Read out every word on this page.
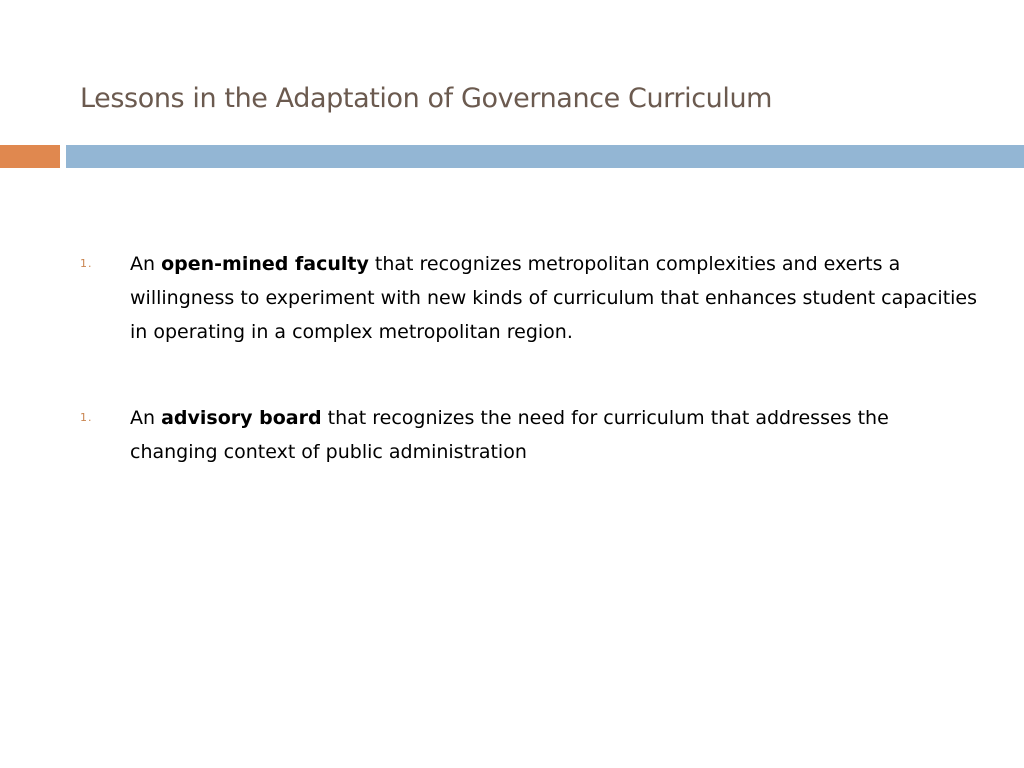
Lessons in the Adaptation of Governance Curriculum
1. An open-mined faculty that recognizes metropolitan complexities and exerts a willingness to experiment with new kinds of curriculum that enhances student capacities in operating in a complex metropolitan region.
1. An advisory board that recognizes the need for curriculum that addresses the changing context of public administration
